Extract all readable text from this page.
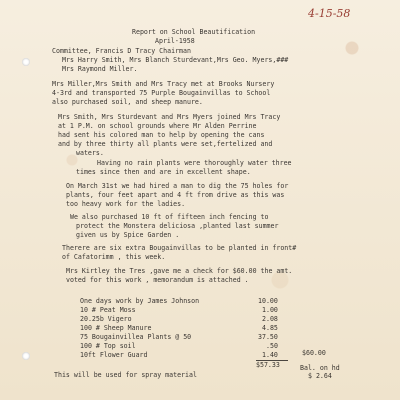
4-15-58
Report on School Beautification
April-1958
Committee, Francis D Tracy Chairman
Mrs Harry Smith, Mrs Blanch Sturdevant,Mrs Geo. Myers,###
Mrs Raymond Miller.
Mrs Miller,Mrs Smith and Mrs Tracy met at Brooks Nursery
4-3rd and transported 75 Purple Bougainvillas to School
also purchased soil, and sheep manure.
Mrs Smith, Mrs Sturdevant and Mrs Myers joined Mrs Tracy
at 1 P.M. on school grounds where Mr Alden Perrine
had sent his colored man to help by opening the cans
and by three thirty all plants were set,fertelized and
waters.
Having no rain plants were thoroughly water three
times since then and are in excellent shape.
On March 31st we had hired a man to dig the 75 holes for
plants, four feet apart and 4 ft from drive as this was
too heavy work for the ladies.
We also purchased 10 ft of fifteen inch fencing to
protect the Monstera deliciosa ,planted last summer
given us by Spice Garden .
Therere are six extra Bougainvillas to be planted in front#
of Cafatorimm , this week.
Mrs Kirtley the Tres ,gave me a check for $60.00 the amt.
voted for this work , memorandum is attached .
One days work by James Johnson	10.00
10 # Peat Moss	1.00
20.25b Vigero	2.08
100 # Sheep Manure	4.85
75 Bougainvillea Plants @ 50	37.50
100 # Top soil	.50
10ft Flower Guard	1.40	$60.00
$57.33	Bal. on hd
This will be used for spray material	$ 2.64
